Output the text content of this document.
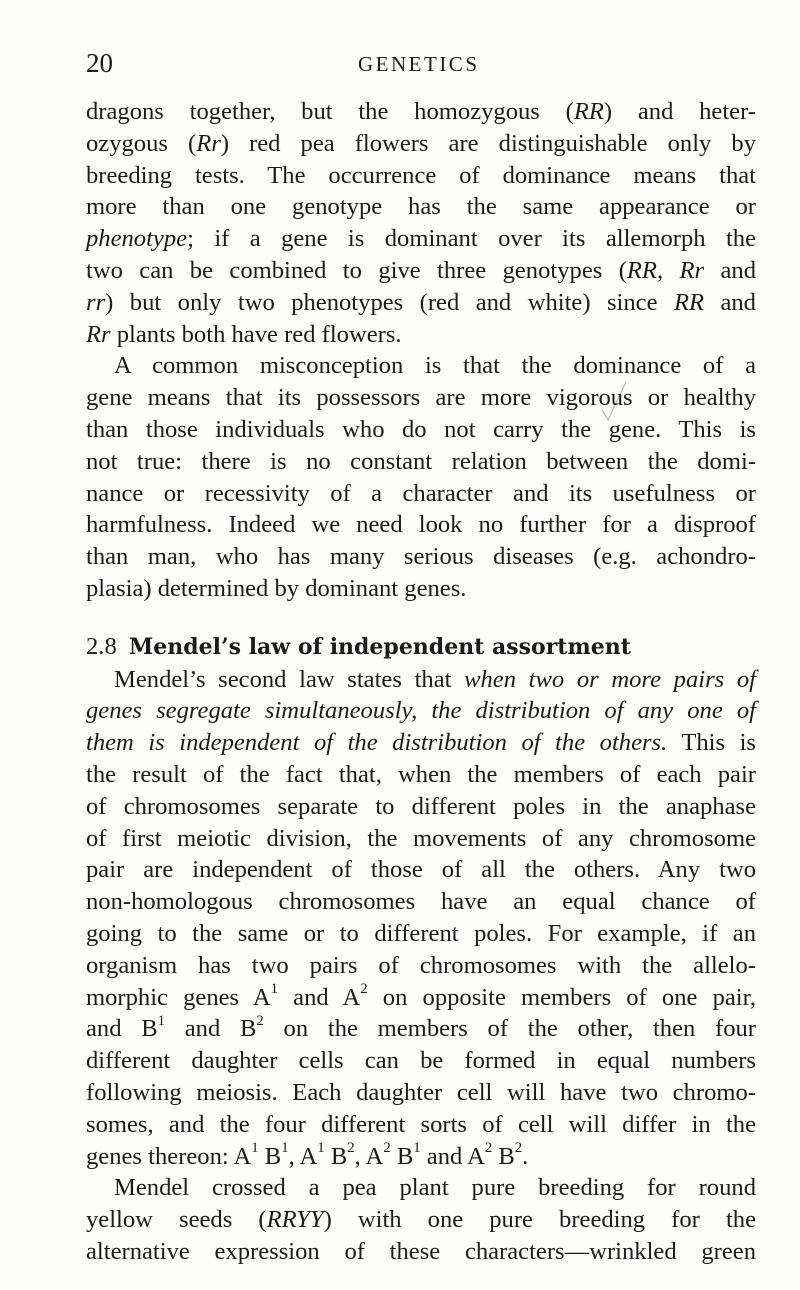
20	GENETICS
dragons together, but the homozygous (RR) and heter-
ozygous (Rr) red pea flowers are distinguishable only by
breeding tests. The occurrence of dominance means that
more than one genotype has the same appearance or
phenotype; if a gene is dominant over its allemorph the
two can be combined to give three genotypes (RR, Rr and
rr) but only two phenotypes (red and white) since RR and
Rr plants both have red flowers.
A common misconception is that the dominance of a
gene means that its possessors are more vigorous or healthy
than those individuals who do not carry the gene. This is
not true: there is no constant relation between the domi-
nance or recessivity of a character and its usefulness or
harmfulness. Indeed we need look no further for a disproof
than man, who has many serious diseases (e.g. achondro-
plasia) determined by dominant genes.
2.8 Mendel’s law of independent assortment
Mendel’s second law states that when two or more pairs of
genes segregate simultaneously, the distribution of any one of
them is independent of the distribution of the others. This is
the result of the fact that, when the members of each pair
of chromosomes separate to different poles in the anaphase
of first meiotic division, the movements of any chromosome
pair are independent of those of all the others. Any two
non-homologous chromosomes have an equal chance of
going to the same or to different poles. For example, if an
organism has two pairs of chromosomes with the allelo-
morphic genes $A^1$ and $A^2$ on opposite members of one pair,
and $B^1$ and $B^2$ on the members of the other, then four
different daughter cells can be formed in equal numbers
following meiosis. Each daughter cell will have two chromo-
somes, and the four different sorts of cell will differ in the
genes thereon: $A^1$ $B^1$, $A^1$ $B^2$, $A^2$ $B^1$ and $A^2$ $B^2$.
Mendel crossed a pea plant pure breeding for round
yellow seeds (RRYY) with one pure breeding for the
alternative expression of these characters—wrinkled green
